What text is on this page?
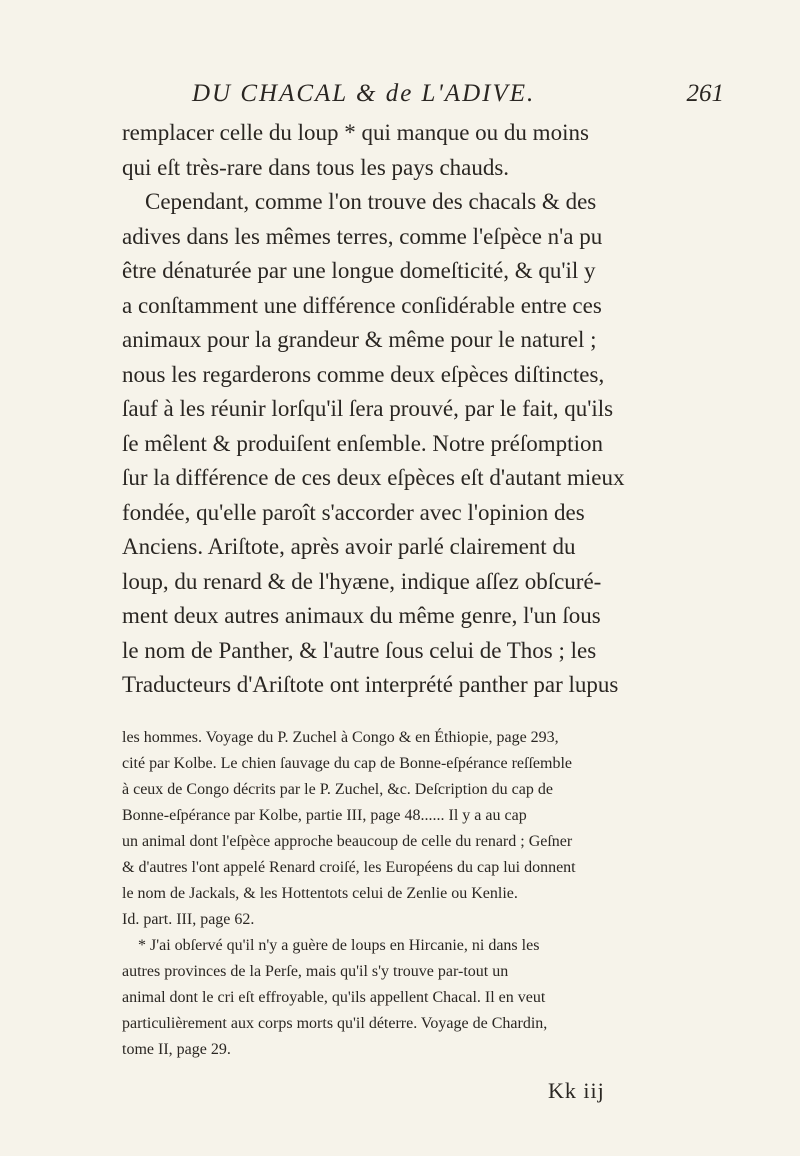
DU CHACAL & de L'ADIVE.	261
remplacer celle du loup * qui manque ou du moins
qui eſt très-rare dans tous les pays chauds.
Cependant, comme l'on trouve des chacals & des
adives dans les mêmes terres, comme l'eſpèce n'a pu
être dénaturée par une longue domeſticité, & qu'il y
a conſtamment une différence conſidérable entre ces
animaux pour la grandeur & même pour le naturel ;
nous les regarderons comme deux eſpèces diſtinctes,
ſauf à les réunir lorſqu'il ſera prouvé, par le fait, qu'ils
ſe mêlent & produiſent enſemble. Notre préſomption
ſur la différence de ces deux eſpèces eſt d'autant mieux
fondée, qu'elle paroît s'accorder avec l'opinion des
Anciens. Ariſtote, après avoir parlé clairement du
loup, du renard & de l'hyæne, indique aſſez obſcuré-
ment deux autres animaux du même genre, l'un ſous
le nom de Panther, & l'autre ſous celui de Thos ; les
Traducteurs d'Ariſtote ont interprété panther par lupus
les hommes. Voyage du P. Zuchel à Congo & en Éthiopie, page 293,
cité par Kolbe. Le chien ſauvage du cap de Bonne-eſpérance reſſemble
à ceux de Congo décrits par le P. Zuchel, &c. Deſcription du cap de
Bonne-eſpérance par Kolbe, partie III, page 48...... Il y a au cap
un animal dont l'eſpèce approche beaucoup de celle du renard ; Geſner
& d'autres l'ont appelé Renard croiſé, les Européens du cap lui donnent
le nom de Jackals, & les Hottentots celui de Zenlie ou Kenlie.
Id. part. III, page 62.
* J'ai obſervé qu'il n'y a guère de loups en Hircanie, ni dans les
autres provinces de la Perſe, mais qu'il s'y trouve par-tout un
animal dont le cri eſt effroyable, qu'ils appellent Chacal. Il en veut
particulièrement aux corps morts qu'il déterre. Voyage de Chardin,
tome II, page 29.
Kk iij
